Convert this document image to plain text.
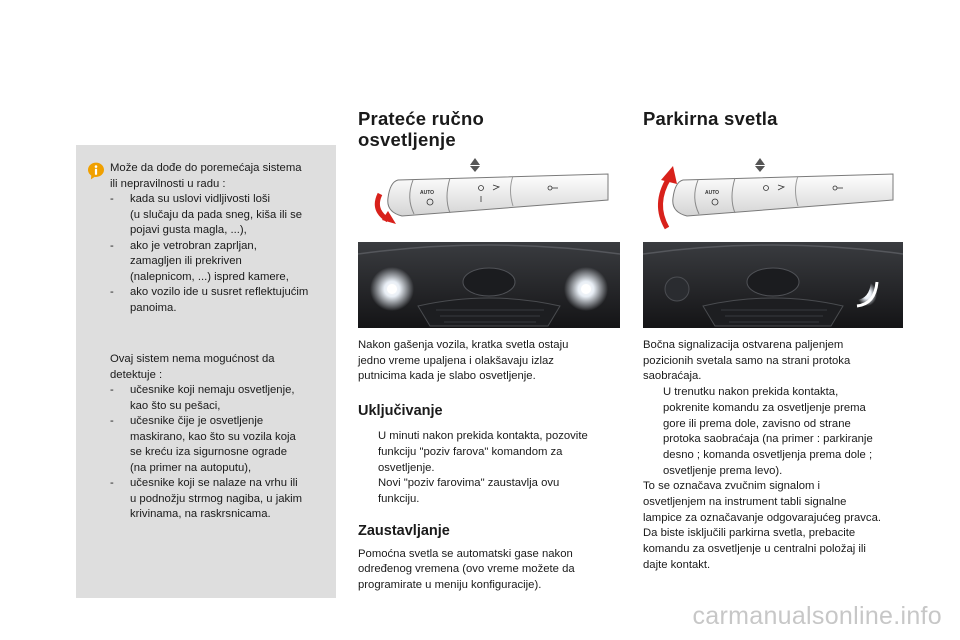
Može da dođe do poremećaja sistema

ili nepravilnosti u radu :

-	kada su uslovi vidljivosti loši
(u slučaju da pada sneg, kiša ili se
pojavi gusta magla, ...),
-	ako je vetrobran zaprljan,
zamagljen ili prekriven
(nalepnicom, ...) ispred kamere,
-	ako vozilo ide u susret reflektujućim
panoima.

Ovaj sistem nema mogućnost da

detektuje :

-	učesnike koji nemaju osvetljenje,
kao što su pešaci,
-	učesnike čije je osvetljenje
maskirano, kao što su vozila koja
se kreću iza sigurnosne ograde
(na primer na autoputu),
-	učesnike koji se nalaze na vrhu ili
u podnožju strmog nagiba, u jakim
krivinama, na raskrsnicama.
Prateće ručno
osvetljenje
AUTO

Nakon gašenja vozila, kratka svetla ostaju
jedno vreme upaljena i olakšavaju izlaz
putnicima kada je slabo osvetljenje.

Uključivanje
U minuti nakon prekida kontakta, pozovite
funkciju "poziv farova" komandom za
osvetljenje.
Novi "poziv farovima" zaustavlja ovu
funkciju.
Zaustavljanje

Pomoćna svetla se automatski gase nakon
određenog vremena (ovo vreme možete da
programirate u meniju konfiguracije).

Parkirna svetla
AUTO

Bočna signalizacija ostvarena paljenjem
pozicionih svetala samo na strani protoka
saobraćaja.

U trenutku nakon prekida kontakta,
pokrenite komandu za osvetljenje prema
gore ili prema dole, zavisno od strane
protoka saobraćaja (na primer : parkiranje
desno ; komanda osvetljenja prema dole ;
osvetljenje prema levo).

To se označava zvučnim signalom i
osvetljenjem na instrument tabli signalne
lampice za označavanje odgovarajućeg pravca.
Da biste isključili parkirna svetla, prebacite
komandu za osvetljenje u centralni položaj ili
dajte kontakt.

carmanualsonline.info
